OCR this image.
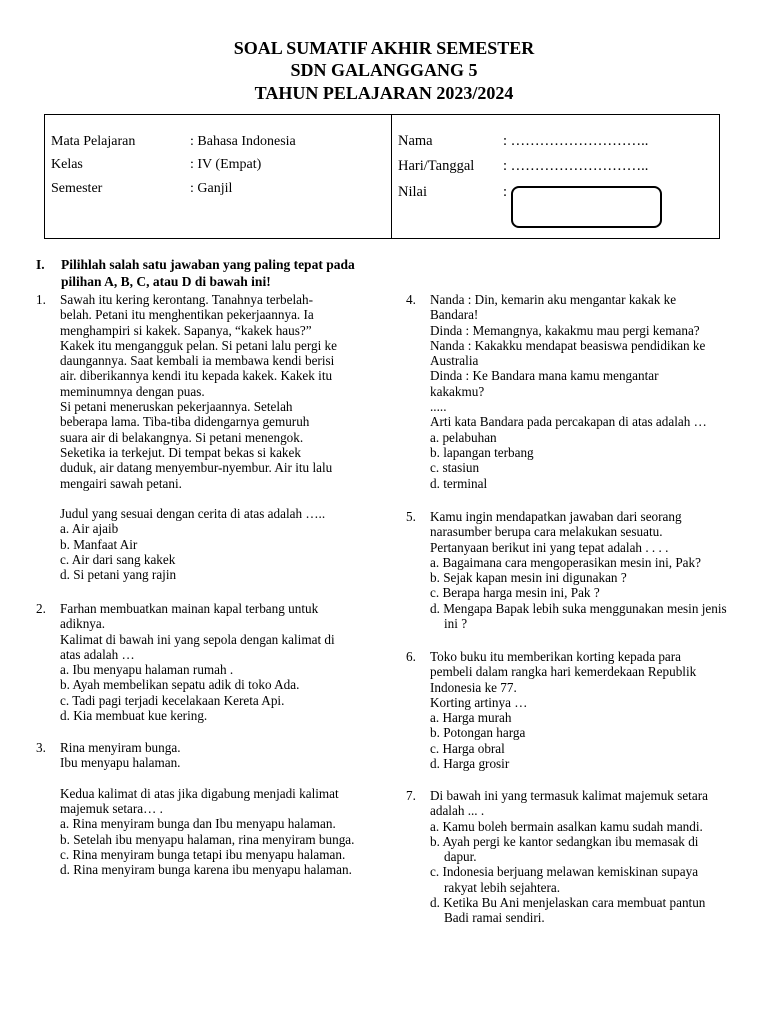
SOAL SUMATIF AKHIR SEMESTER
SDN GALANGGANG 5
TAHUN PELAJARAN 2023/2024
Mata Pelajaran	: Bahasa Indonesia
Kelas	: IV (Empat)
Semester	: Ganjil
Nama	: ………………………..
Hari/Tanggal : ………………………..
Nilai	:
I. Pilihlah salah satu jawaban yang paling tepat pada pilihan A, B, C, atau D di bawah ini!
1. Sawah itu kering kerontang. Tanahnya terbelah-
belah. Petani itu menghentikan pekerjaannya. Ia
menghampiri si kakek. Sapanya, “kakek haus?”
Kakek itu mengangguk pelan. Si petani lalu pergi ke
daungannya. Saat kembali ia membawa kendi berisi
air. diberikannya kendi itu kepada kakek. Kakek itu
meminumnya dengan puas.
Si petani meneruskan pekerjaannya. Setelah
beberapa lama. Tiba-tiba didengarnya gemuruh
suara air di belakangnya. Si petani menengok.
Seketika ia terkejut. Di tempat bekas si kakek
duduk, air datang menyembur-nyembur. Air itu lalu
mengairi sawah petani.
Judul yang sesuai dengan cerita di atas adalah …..
a. Air ajaib
b. Manfaat Air
c. Air dari sang kakek
d. Si petani yang rajin
2. Farhan membuatkan mainan kapal terbang untuk
adiknya.
Kalimat di bawah ini yang sepola dengan kalimat di
atas adalah …
a. Ibu menyapu halaman rumah .
b. Ayah membelikan sepatu adik di toko Ada.
c. Tadi pagi terjadi kecelakaan Kereta Api.
d. Kia membuat kue kering.
3. Rina menyiram bunga.
Ibu menyapu halaman.
Kedua kalimat di atas jika digabung menjadi kalimat
majemuk setara… .
a. Rina menyiram bunga dan Ibu menyapu halaman.
b. Setelah ibu menyapu halaman, rina menyiram bunga.
c. Rina menyiram bunga tetapi ibu menyapu halaman.
d. Rina menyiram bunga karena ibu menyapu halaman.
4. Nanda : Din, kemarin aku mengantar kakak ke
Bandara!
Dinda : Memangnya, kakakmu mau pergi kemana?
Nanda : Kakakku mendapat beasiswa pendidikan ke
Australia
Dinda : Ke Bandara mana kamu mengantar
kakakmu?
.....
Arti kata Bandara pada percakapan di atas adalah …
a. pelabuhan
b. lapangan terbang
c. stasiun
d. terminal
5. Kamu ingin mendapatkan jawaban dari seorang
narasumber berupa cara melakukan sesuatu.
Pertanyaan berikut ini yang tepat adalah . . . .
a. Bagaimana cara mengoperasikan mesin ini, Pak?
b. Sejak kapan mesin ini digunakan ?
c. Berapa harga mesin ini, Pak ?
d. Mengapa Bapak lebih suka menggunakan mesin jenis ini ?
6. Toko buku itu memberikan korting kepada para
pembeli dalam rangka hari kemerdekaan Republik
Indonesia ke 77.
Korting artinya …
a. Harga murah
b. Potongan harga
c. Harga obral
d. Harga grosir
7. Di bawah ini yang termasuk kalimat majemuk setara
adalah ... .
a. Kamu boleh bermain asalkan kamu sudah mandi.
b. Ayah pergi ke kantor sedangkan ibu memasak di dapur.
c. Indonesia berjuang melawan kemiskinan supaya rakyat lebih sejahtera.
d. Ketika Bu Ani menjelaskan cara membuat pantun Badi ramai sendiri.
